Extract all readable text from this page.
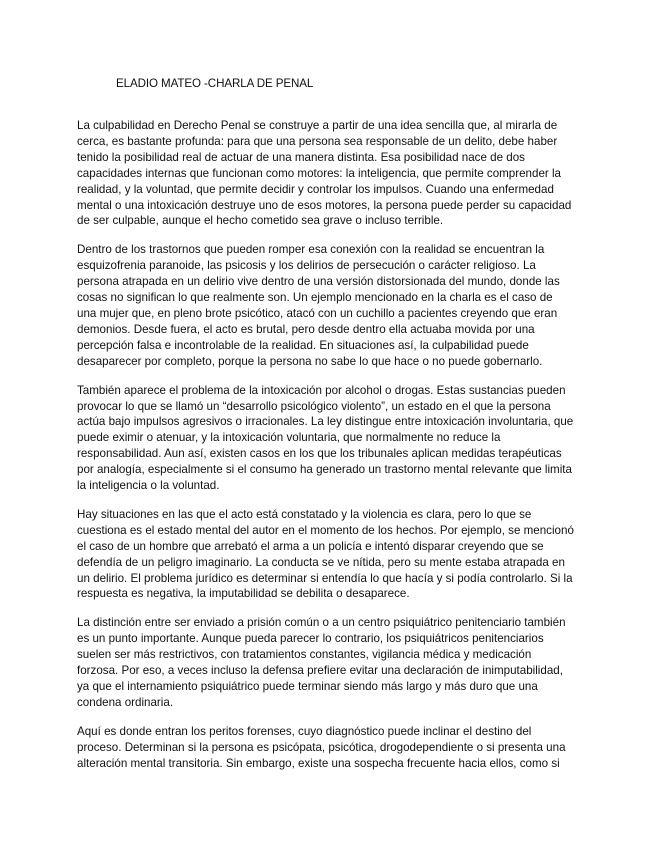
ELADIO MATEO -CHARLA DE PENAL

La culpabilidad en Derecho Penal se construye a partir de una idea sencilla que, al mirarla de cerca, es bastante profunda: para que una persona sea responsable de un delito, debe haber tenido la posibilidad real de actuar de una manera distinta. Esa posibilidad nace de dos capacidades internas que funcionan como motores: la inteligencia, que permite comprender la realidad, y la voluntad, que permite decidir y controlar los impulsos. Cuando una enfermedad mental o una intoxicación destruye uno de esos motores, la persona puede perder su capacidad de ser culpable, aunque el hecho cometido sea grave o incluso terrible.

Dentro de los trastornos que pueden romper esa conexión con la realidad se encuentran la esquizofrenia paranoide, las psicosis y los delirios de persecución o carácter religioso. La persona atrapada en un delirio vive dentro de una versión distorsionada del mundo, donde las cosas no significan lo que realmente son. Un ejemplo mencionado en la charla es el caso de una mujer que, en pleno brote psicótico, atacó con un cuchillo a pacientes creyendo que eran demonios. Desde fuera, el acto es brutal, pero desde dentro ella actuaba movida por una percepción falsa e incontrolable de la realidad. En situaciones así, la culpabilidad puede desaparecer por completo, porque la persona no sabe lo que hace o no puede gobernarlo.

También aparece el problema de la intoxicación por alcohol o drogas. Estas sustancias pueden provocar lo que se llamó un “desarrollo psicológico violento”, un estado en el que la persona actúa bajo impulsos agresivos o irracionales. La ley distingue entre intoxicación involuntaria, que puede eximir o atenuar, y la intoxicación voluntaria, que normalmente no reduce la responsabilidad. Aun así, existen casos en los que los tribunales aplican medidas terapéuticas por analogía, especialmente si el consumo ha generado un trastorno mental relevante que limita la inteligencia o la voluntad.

Hay situaciones en las que el acto está constatado y la violencia es clara, pero lo que se cuestiona es el estado mental del autor en el momento de los hechos. Por ejemplo, se mencionó el caso de un hombre que arrebató el arma a un policía e intentó disparar creyendo que se defendía de un peligro imaginario. La conducta se ve nítida, pero su mente estaba atrapada en un delirio. El problema jurídico es determinar si entendía lo que hacía y si podía controlarlo. Si la respuesta es negativa, la imputabilidad se debilita o desaparece.

La distinción entre ser enviado a prisión común o a un centro psiquiátrico penitenciario también es un punto importante. Aunque pueda parecer lo contrario, los psiquiátricos penitenciarios suelen ser más restrictivos, con tratamientos constantes, vigilancia médica y medicación forzosa. Por eso, a veces incluso la defensa prefiere evitar una declaración de inimputabilidad, ya que el internamiento psiquiátrico puede terminar siendo más largo y más duro que una condena ordinaria.

Aquí es donde entran los peritos forenses, cuyo diagnóstico puede inclinar el destino del proceso. Determinan si la persona es psicópata, psicótica, drogodependiente o si presenta una alteración mental transitoria. Sin embargo, existe una sospecha frecuente hacia ellos, como si
